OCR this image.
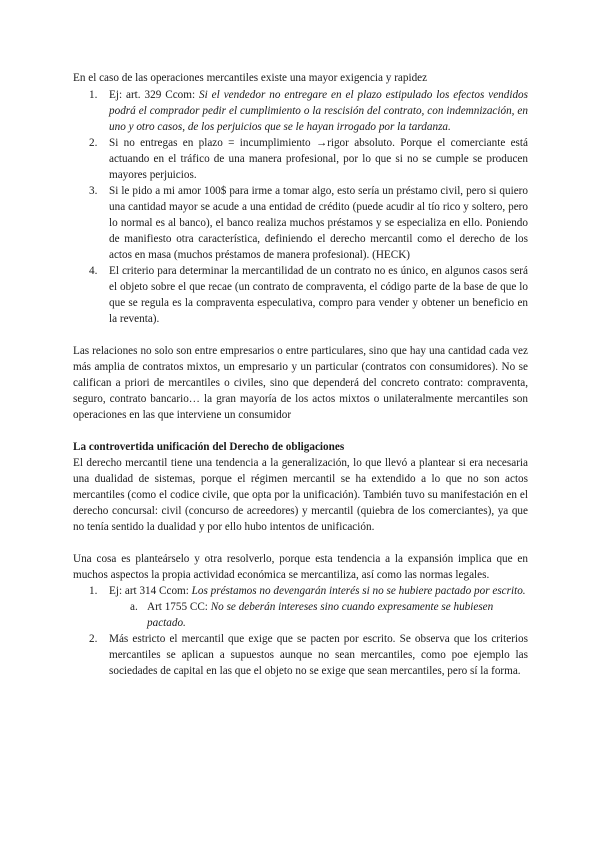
En el caso de las operaciones mercantiles existe una mayor exigencia y rapidez

1. Ej: art. 329 Ccom: Si el vendedor no entregare en el plazo estipulado los efectos vendidos podrá el comprador pedir el cumplimiento o la rescisión del contrato, con indemnización, en uno y otro casos, de los perjuicios que se le hayan irrogado por la tardanza.
2. Si no entregas en plazo = incumplimiento →rigor absoluto. Porque el comerciante está actuando en el tráfico de una manera profesional, por lo que si no se cumple se producen mayores perjuicios.
3. Si le pido a mi amor 100$ para irme a tomar algo, esto sería un préstamo civil, pero si quiero una cantidad mayor se acude a una entidad de crédito (puede acudir al tío rico y soltero, pero lo normal es al banco), el banco realiza muchos préstamos y se especializa en ello. Poniendo de manifiesto otra característica, definiendo el derecho mercantil como el derecho de los actos en masa (muchos préstamos de manera profesional). (HECK)
4. El criterio para determinar la mercantilidad de un contrato no es único, en algunos casos será el objeto sobre el que recae (un contrato de compraventa, el código parte de la base de que lo que se regula es la compraventa especulativa, compro para vender y obtener un beneficio en la reventa).

Las relaciones no solo son entre empresarios o entre particulares, sino que hay una cantidad cada vez más amplia de contratos mixtos, un empresario y un particular (contratos con consumidores). No se califican a priori de mercantiles o civiles, sino que dependerá del concreto contrato: compraventa, seguro, contrato bancario… la gran mayoría de los actos mixtos o unilateralmente mercantiles son operaciones en las que interviene un consumidor

La controvertida unificación del Derecho de obligaciones

El derecho mercantil tiene una tendencia a la generalización, lo que llevó a plantear si era necesaria una dualidad de sistemas, porque el régimen mercantil se ha extendido a lo que no son actos mercantiles (como el codice civile, que opta por la unificación). También tuvo su manifestación en el derecho concursal: civil (concurso de acreedores) y mercantil (quiebra de los comerciantes), ya que no tenía sentido la dualidad y por ello hubo intentos de unificación.

Una cosa es planteárselo y otra resolverlo, porque esta tendencia a la expansión implica que en muchos aspectos la propia actividad económica se mercantiliza, así como las normas legales.

1. Ej: art 314 Ccom: Los préstamos no devengarán interés si no se hubiere pactado por escrito.
a. Art 1755 CC: No se deberán intereses sino cuando expresamente se hubiesen pactado.
2. Más estricto el mercantil que exige que se pacten por escrito. Se observa que los criterios mercantiles se aplican a supuestos aunque no sean mercantiles, como poe ejemplo las sociedades de capital en las que el objeto no se exige que sean mercantiles, pero sí la forma.
